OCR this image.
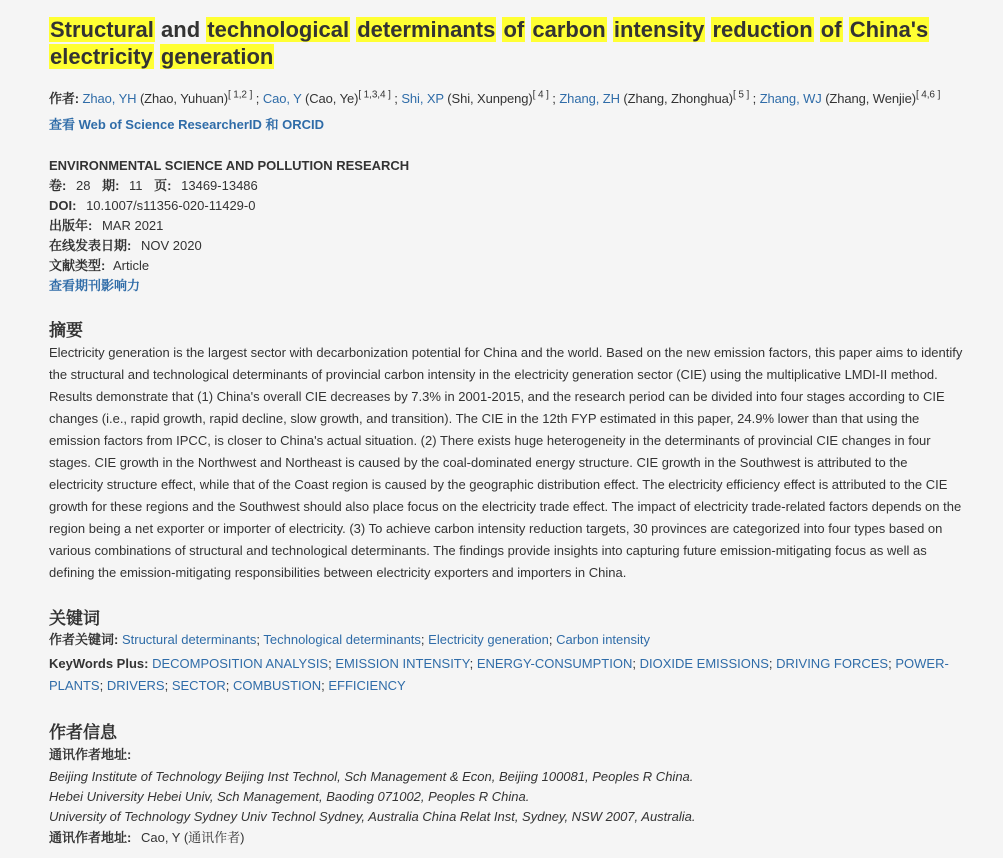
Structural and technological determinants of carbon intensity reduction of China's electricity generation
作者: Zhao, YH (Zhao, Yuhuan)[ 1,2 ] ; Cao, Y (Cao, Ye)[ 1,3,4 ] ; Shi, XP (Shi, Xunpeng)[ 4 ] ; Zhang, ZH (Zhang, Zhonghua)[ 5 ] ; Zhang, WJ (Zhang, Wenjie)[ 4,6 ]
查看 Web of Science ResearcherID 和 ORCID
ENVIRONMENTAL SCIENCE AND POLLUTION RESEARCH
卷: 28 期: 11 页: 13469-13486
DOI: 10.1007/s11356-020-11429-0
出版年: MAR 2021
在线发表日期: NOV 2020
文献类型: Article
查看期刊影响力
摘要

Electricity generation is the largest sector with decarbonization potential for China and the world. Based on the new emission factors, this paper aims to identify the structural and technological determinants of provincial carbon intensity in the electricity generation sector (CIE) using the multiplicative LMDI-II method. Results demonstrate that (1) China's overall CIE decreases by 7.3% in 2001-2015, and the research period can be divided into four stages according to CIE changes (i.e., rapid growth, rapid decline, slow growth, and transition). The CIE in the 12th FYP estimated in this paper, 24.9% lower than that using the emission factors from IPCC, is closer to China's actual situation. (2) There exists huge heterogeneity in the determinants of provincial CIE changes in four stages. CIE growth in the Northwest and Northeast is caused by the coal-dominated energy structure. CIE growth in the Southwest is attributed to the electricity structure effect, while that of the Coast region is caused by the geographic distribution effect. The electricity efficiency effect is attributed to the CIE growth for these regions and the Southwest should also place focus on the electricity trade effect. The impact of electricity trade-related factors depends on the region being a net exporter or importer of electricity. (3) To achieve carbon intensity reduction targets, 30 provinces are categorized into four types based on various combinations of structural and technological determinants. The findings provide insights into capturing future emission-mitigating focus as well as defining the emission-mitigating responsibilities between electricity exporters and importers in China.

关键词
作者关键词: Structural determinants; Technological determinants; Electricity generation; Carbon intensity
KeyWords Plus: DECOMPOSITION ANALYSIS; EMISSION INTENSITY; ENERGY-CONSUMPTION; DIOXIDE EMISSIONS; DRIVING FORCES; POWER-PLANTS; DRIVERS; SECTOR; COMBUSTION; EFFICIENCY
作者信息
通讯作者地址:
Beijing Institute of Technology Beijing Inst Technol, Sch Management & Econ, Beijing 100081, Peoples R China.
Hebei University Hebei Univ, Sch Management, Baoding 071002, Peoples R China.
University of Technology Sydney Univ Technol Sydney, Australia China Relat Inst, Sydney, NSW 2007, Australia.
通讯作者地址: Cao, Y (通讯作者)
